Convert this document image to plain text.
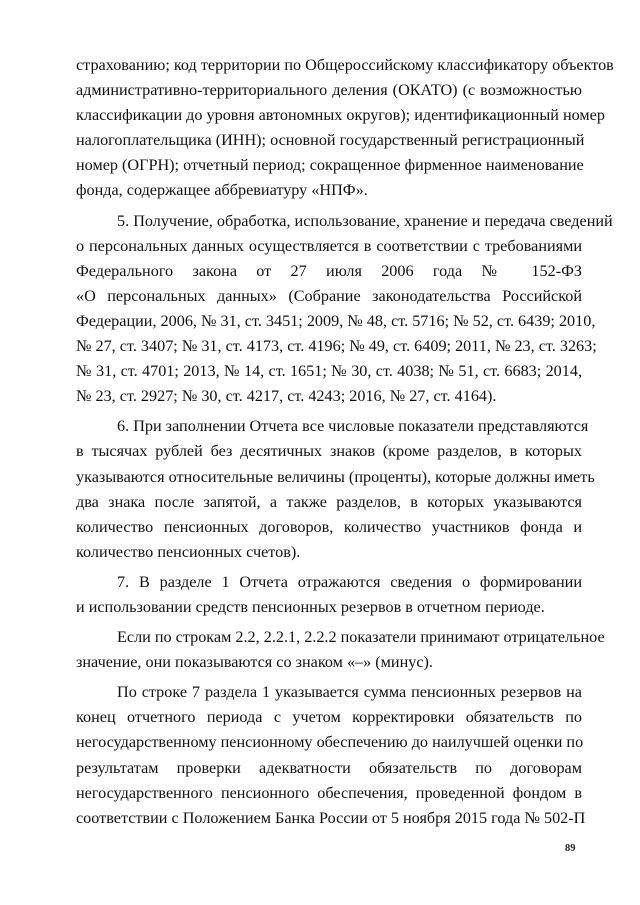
страхованию; код территории по Общероссийскому классификатору объектов
административно-территориального деления (ОКАТО) (с возможностью
классификации до уровня автономных округов); идентификационный номер
налогоплательщика (ИНН); основной государственный регистрационный
номер (ОГРН); отчетный период; сокращенное фирменное наименование
фонда, содержащее аббревиатуру «НПФ».
5. Получение, обработка, использование, хранение и передача сведений
о персональных данных осуществляется в соответствии с требованиями
Федерального закона от 27 июля 2006 года № 152-ФЗ
«О персональных данных» (Собрание законодательства Российской
Федерации, 2006, № 31, ст. 3451; 2009, № 48, ст. 5716; № 52, ст. 6439; 2010,
№ 27, ст. 3407; № 31, ст. 4173, ст. 4196; № 49, ст. 6409; 2011, № 23, ст. 3263;
№ 31, ст. 4701; 2013, № 14, ст. 1651; № 30, ст. 4038; № 51, ст. 6683; 2014,
№ 23, ст. 2927; № 30, ст. 4217, ст. 4243; 2016, № 27, ст. 4164).
6. При заполнении Отчета все числовые показатели представляются
в тысячах рублей без десятичных знаков (кроме разделов, в которых
указываются относительные величины (проценты), которые должны иметь
два знака после запятой, а также разделов, в которых указываются
количество пенсионных договоров, количество участников фонда и
количество пенсионных счетов).
7. В разделе 1 Отчета отражаются сведения о формировании
и использовании средств пенсионных резервов в отчетном периоде.
Если по строкам 2.2, 2.2.1, 2.2.2 показатели принимают отрицательное
значение, они показываются со знаком «–» (минус).
По строке 7 раздела 1 указывается сумма пенсионных резервов на
конец отчетного периода с учетом корректировки обязательств по
негосударственному пенсионному обеспечению до наилучшей оценки по
результатам проверки адекватности обязательств по договорам
негосударственного пенсионного обеспечения, проведенной фондом в
соответствии с Положением Банка России от 5 ноября 2015 года № 502-П
89
